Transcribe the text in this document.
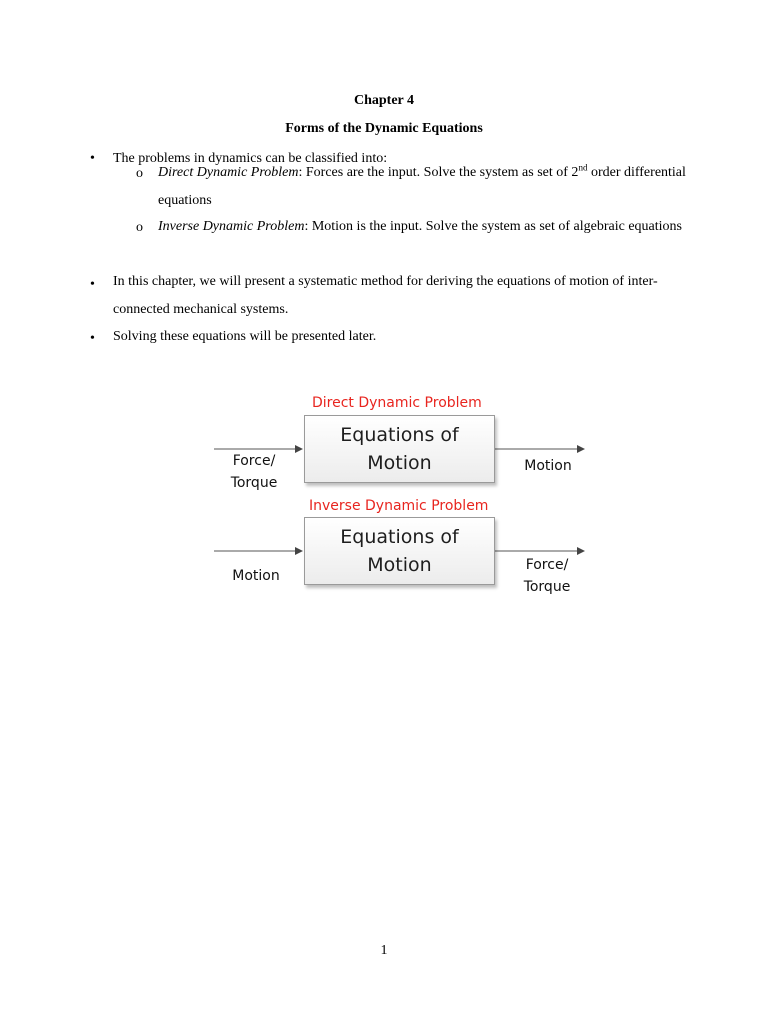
Chapter 4
Forms of the Dynamic Equations
• The problems in dynamics can be classified into:
o Direct Dynamic Problem: Forces are the input. Solve the system as set of 2nd order differential equations
o Inverse Dynamic Problem: Motion is the input. Solve the system as set of algebraic equations
• In this chapter, we will present a systematic method for deriving the equations of motion of inter-connected mechanical systems.
• Solving these equations will be presented later.
Direct Dynamic Problem
Equations of
Motion
Force/
Torque
Motion
Inverse Dynamic Problem
Equations of
Motion
Motion
Force/
Torque
1
